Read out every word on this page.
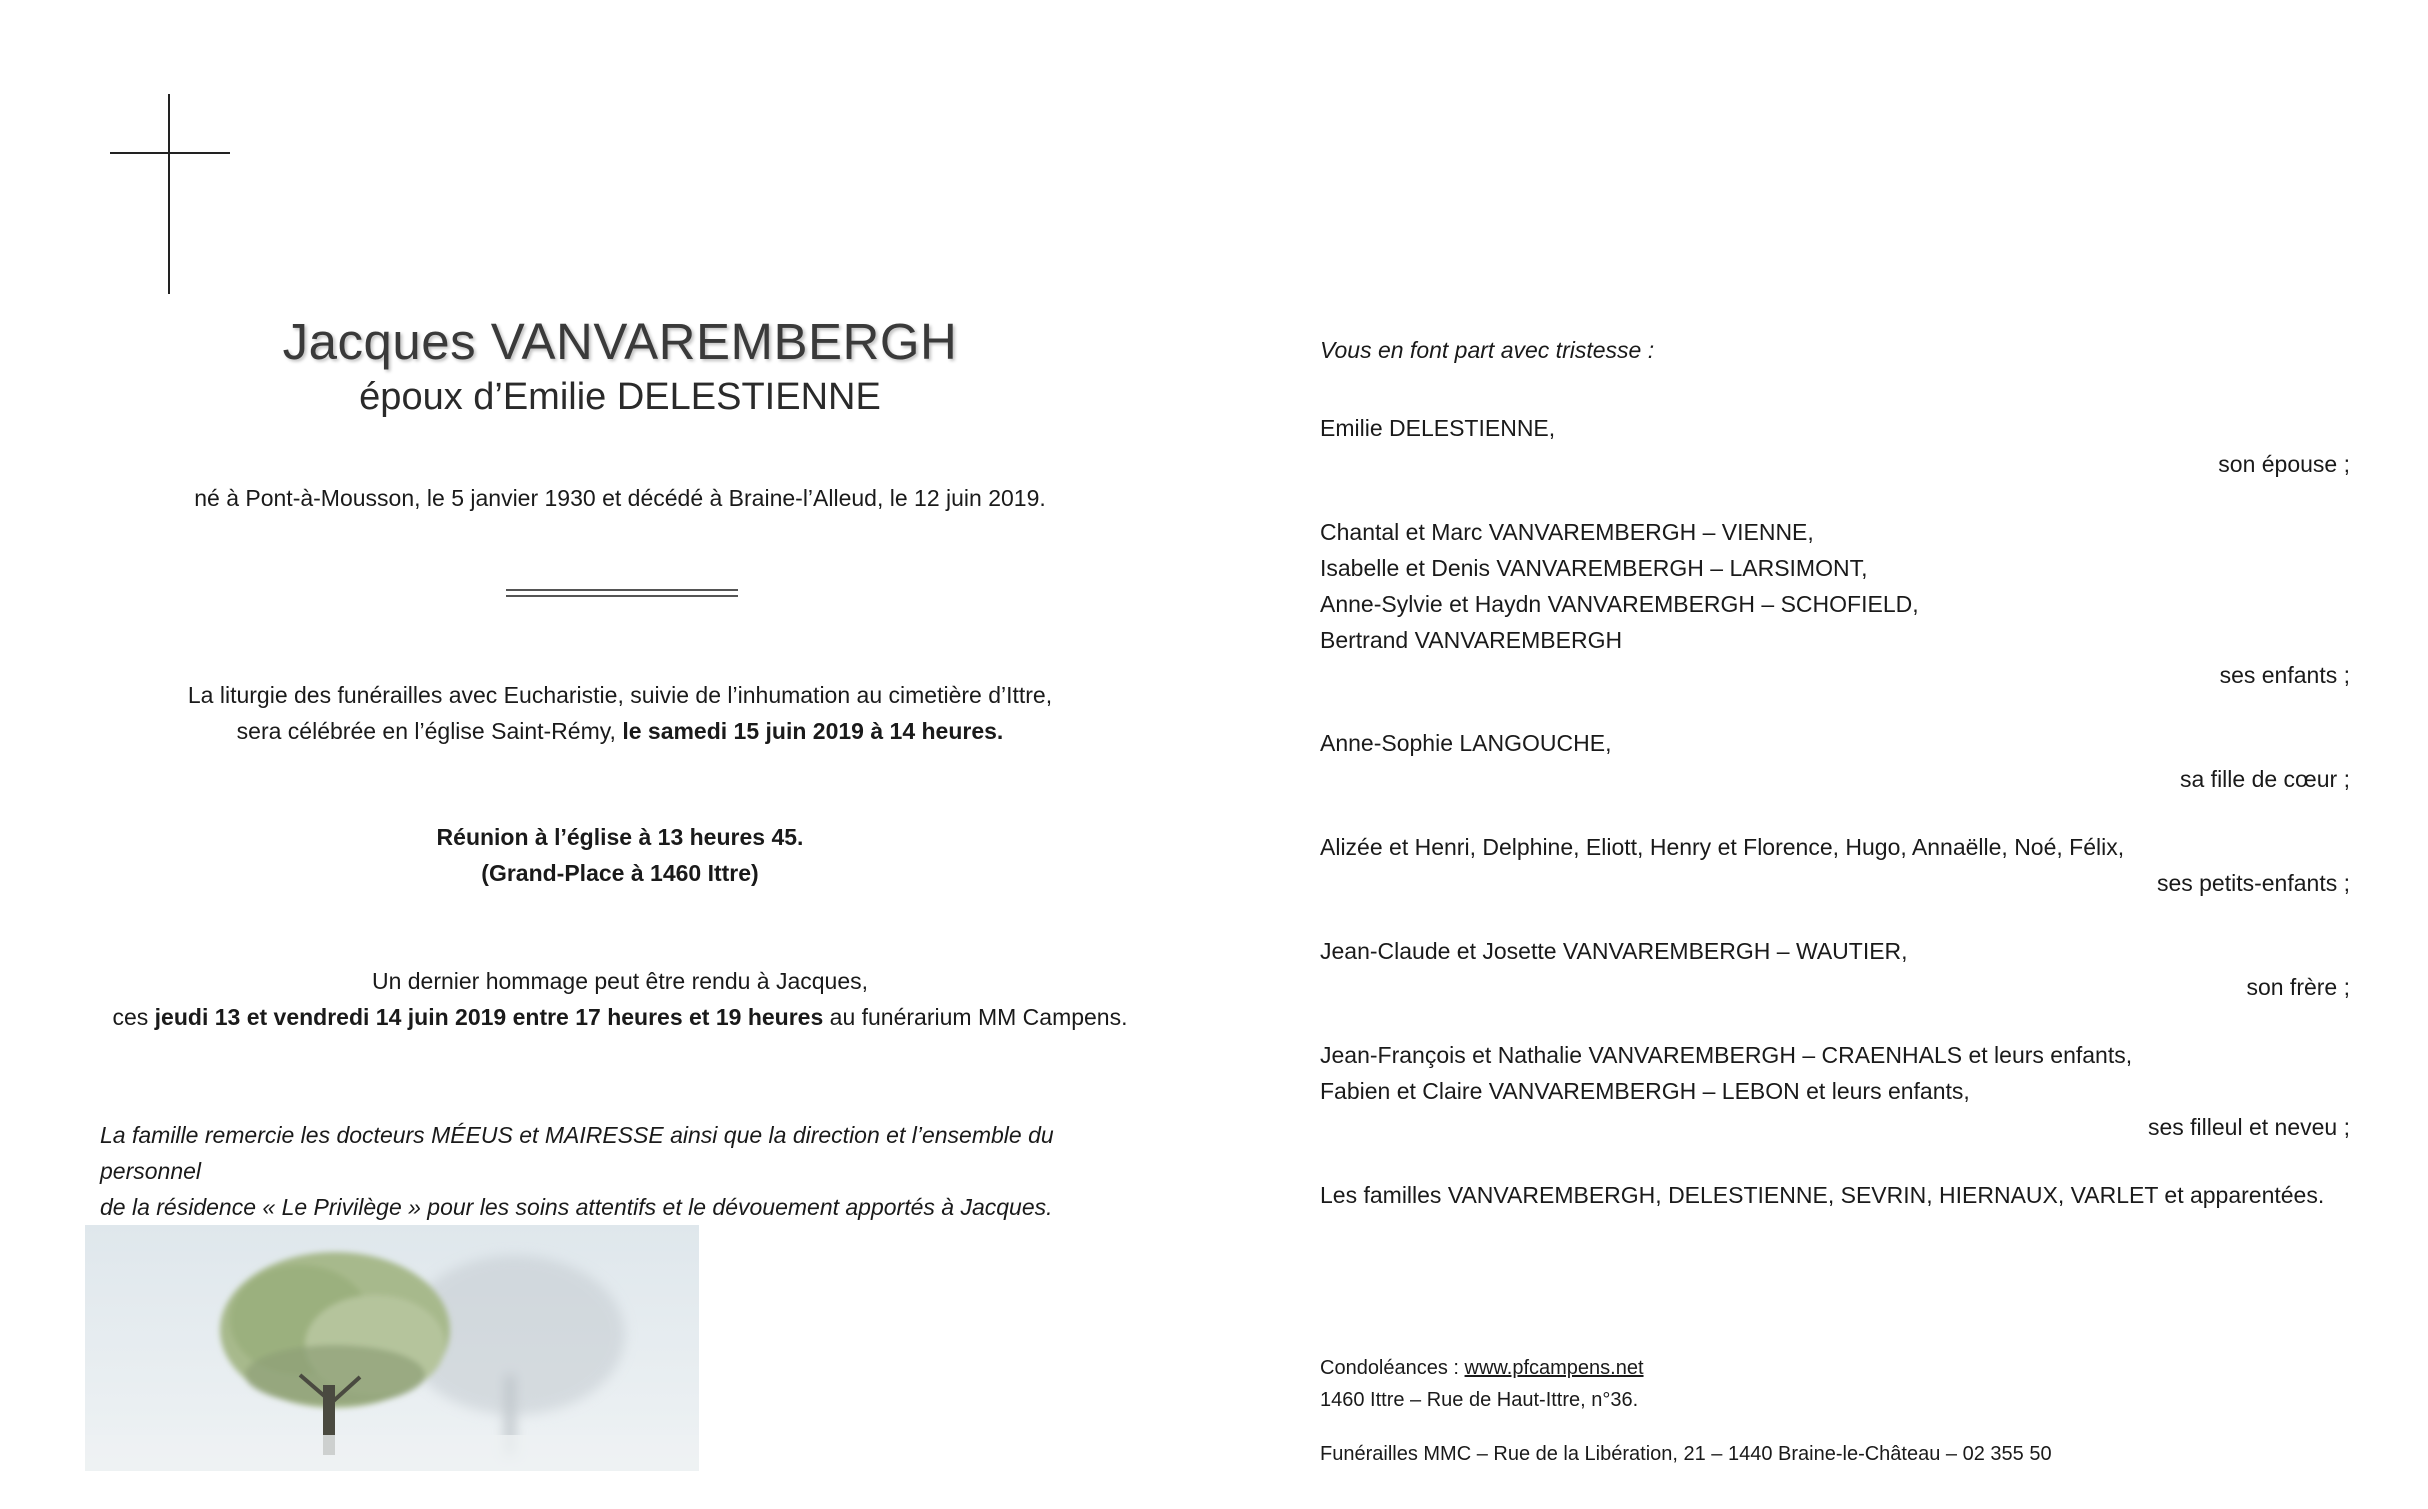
Jacques VANVAREMBERGH
époux d’Emilie DELESTIENNE
né à Pont-à-Mousson, le 5 janvier 1930 et décédé à Braine-l’Alleud, le 12 juin 2019.
La liturgie des funérailles avec Eucharistie, suivie de l’inhumation au cimetière d’Ittre,
sera célébrée en l’église Saint-Rémy, le samedi 15 juin 2019 à 14 heures.
Réunion à l’église à 13 heures 45.
(Grand-Place à 1460 Ittre)
Un dernier hommage peut être rendu à Jacques,
ces jeudi 13 et vendredi 14 juin 2019 entre 17 heures et 19 heures au funérarium MM Campens.
La famille remercie les docteurs MÉEUS et MAIRESSE ainsi que la direction et l’ensemble du personnel
de la résidence « Le Privilège » pour les soins attentifs et le dévouement apportés à Jacques.
Vous en font part avec tristesse :
Emilie DELESTIENNE,
son épouse ;
Chantal et Marc VANVAREMBERGH – VIENNE,
Isabelle et Denis VANVAREMBERGH – LARSIMONT,
Anne-Sylvie et Haydn VANVAREMBERGH – SCHOFIELD,
Bertrand VANVAREMBERGH
ses enfants ;
Anne-Sophie LANGOUCHE,
sa fille de cœur ;
Alizée et Henri, Delphine, Eliott, Henry et Florence, Hugo, Annaëlle, Noé, Félix,
ses petits-enfants ;
Jean-Claude et Josette VANVAREMBERGH – WAUTIER,
son frère ;
Jean-François et Nathalie VANVAREMBERGH – CRAENHALS et leurs enfants,
Fabien et Claire VANVAREMBERGH – LEBON et leurs enfants,
ses filleul et neveu ;
Les familles VANVAREMBERGH, DELESTIENNE, SEVRIN, HIERNAUX, VARLET et apparentées.
Condoléances : www.pfcampens.net
1460 Ittre – Rue de Haut-Ittre, n°36.
Funérailles MMC – Rue de la Libération, 21 – 1440 Braine-le-Château – 02 355 50
